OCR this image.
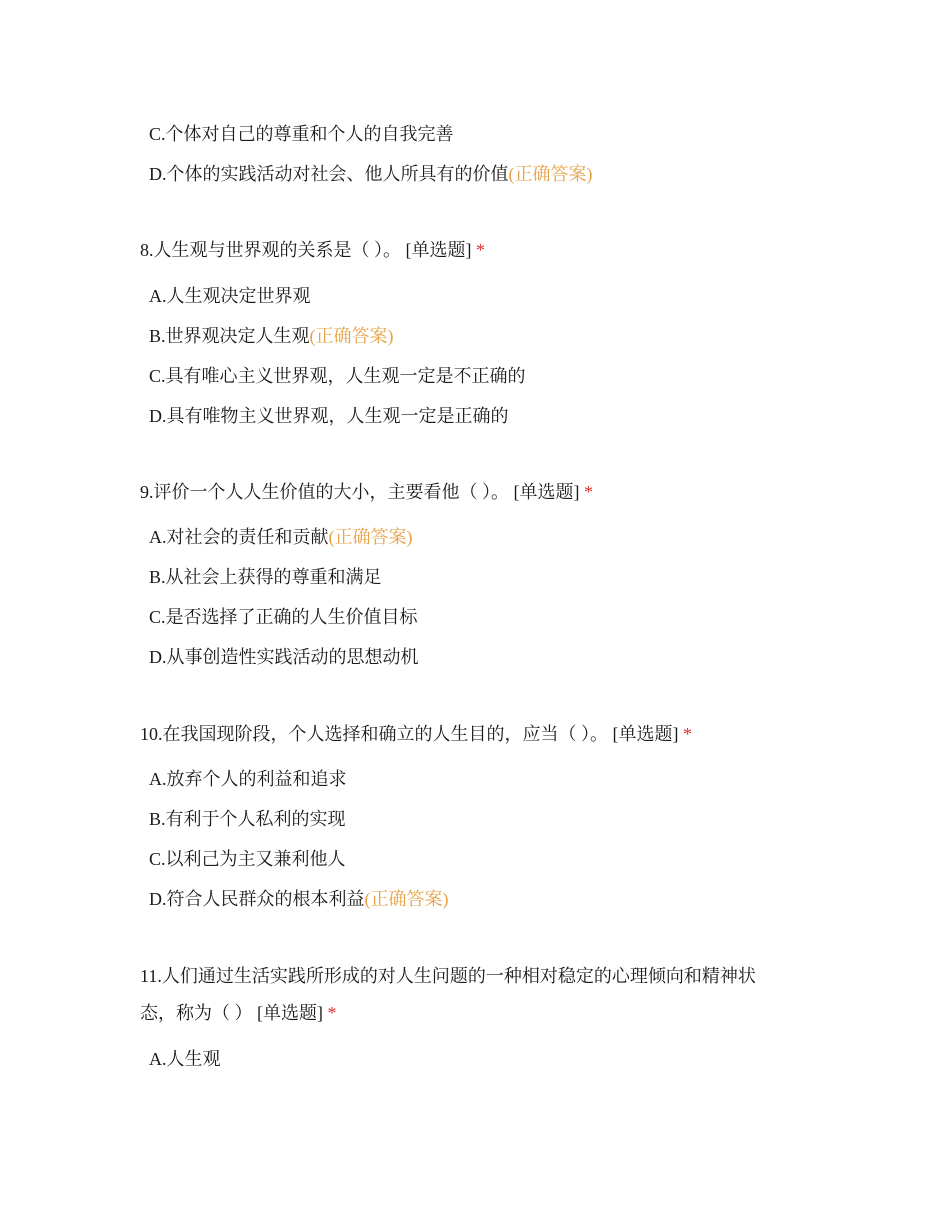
C.个体对自己的尊重和个人的自我完善
D.个体的实践活动对社会、他人所具有的价值(正确答案)
8.人生观与世界观的关系是（ ）。 [单选题] *
A.人生观决定世界观
B.世界观决定人生观(正确答案)
C.具有唯心主义世界观，人生观一定是不正确的
D.具有唯物主义世界观，人生观一定是正确的
9.评价一个人人生价值的大小，主要看他（ ）。 [单选题] *
A.对社会的责任和贡献(正确答案)
B.从社会上获得的尊重和满足
C.是否选择了正确的人生价值目标
D.从事创造性实践活动的思想动机
10.在我国现阶段，个人选择和确立的人生目的，应当（ ）。 [单选题] *
A.放弃个人的利益和追求
B.有利于个人私利的实现
C.以利己为主又兼利他人
D.符合人民群众的根本利益(正确答案)
11.人们通过生活实践所形成的对人生问题的一种相对稳定的心理倾向和精神状
态，称为（ ） [单选题] *
A.人生观
